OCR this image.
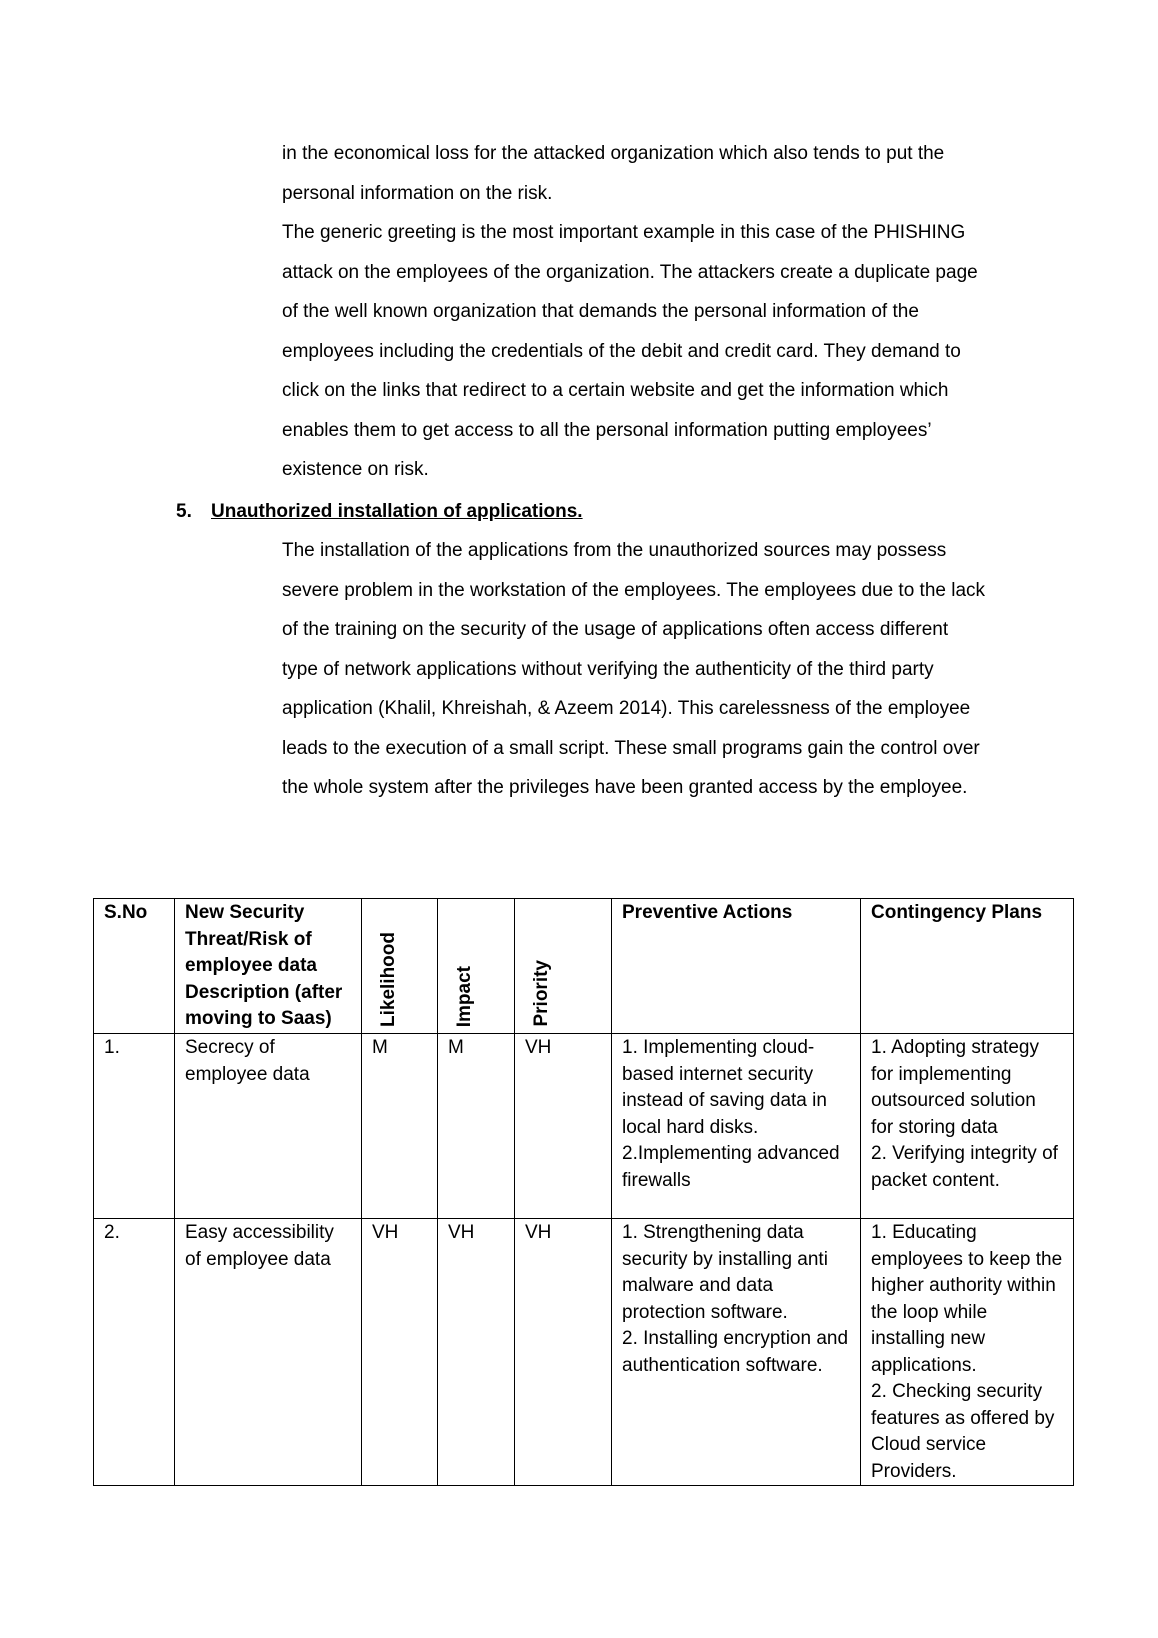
in the economical loss for the attacked organization which also tends to put the

personal information on the risk.

The generic greeting is the most important example in this case of the PHISHING

attack on the employees of the organization. The attackers create a duplicate page

of the well known organization that demands the personal information of the

employees including the credentials of the debit and credit card. They demand to

click on the links that redirect to a certain website and get the information which

enables them to get access to all the personal information putting employees’

existence on risk.

5. Unauthorized installation of applications.

The installation of the applications from the unauthorized sources may possess

severe problem in the workstation of the employees. The employees due to the lack

of the training on the security of the usage of applications often access different

type of network applications without verifying the authenticity of the third party

application (Khalil, Khreishah, & Azeem 2014). This carelessness of the employee

leads to the execution of a small script. These small programs gain the control over

the whole system after the privileges have been granted access by the employee.

S.No	New Security Threat/Risk of employee data Description (after moving to Saas)	Likelihood	Impact	Priority	Preventive Actions	Contingency Plans
1.	Secrecy of employee data	M	M	VH	1. Implementing cloud-based internet security instead of saving data in local hard disks.
2.Implementing advanced firewalls	1. Adopting strategy for implementing outsourced solution for storing data
2. Verifying integrity of packet content.
2.	Easy accessibility of employee data	VH	VH	VH	1. Strengthening data security by installing anti malware and data protection software.
2. Installing encryption and authentication software.	1. Educating employees to keep the higher authority within the loop while installing new applications.
2. Checking security features as offered by Cloud service Providers.
